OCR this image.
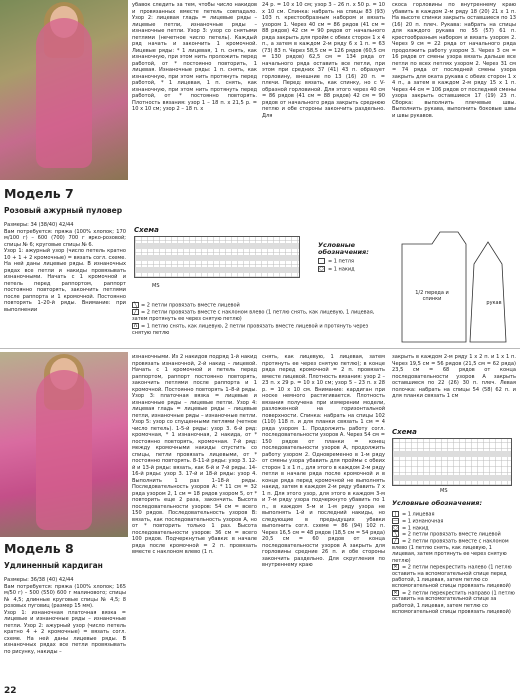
Модель 7
Розовый ажурный пуловер

Размеры: 34 (38/40) 42/44

Вам потребуется: пряжа (100% хлопок; 170 м/100 г) – 600 (700) 700 г ярко-розовой; спицы № 6; круговые спицы № 6.

Узор 1: ажурный узор (число петель кратно 10 + 1 + 2 кромочные) = вязать согл. схеме. На ней даны лицевые ряды. В изнаночных рядах все петли и накиды провязывать изнаночными. Начать с 1 кромочной и петель перед раппортом, раппорт постоянно повторять, закончить петлями после раппорта и 1 кромочной. Постоянно повторять 1–20-й ряды. Внимание: при выполнении

убавок следить за тем, чтобы число накидов и провязанных вместе петель совпадало. Узор 2: лицевая гладь = лицевые ряды – лицевые петли, изнаночные ряды – изнаночные петли. Узор 3: узор со снятыми петлями (нечетное число петель). Каждый ряд начать и закончить 1 кромочной. Лицевые ряды: * 1 лицевая, 1 п. снять, как изнаночную, при этом нить проложить перед работой, от * постоянно повторить, 1 лицевая. Изнаночные ряды: 1 п. снять, как изнаночную, при этом нить протянуть перед работой, * 1 лицевая, 1 п. снять, как изнаночную, при этом нить протянуть перед работой, от * постоянно повторять. Плотность вязания: узор 1 – 18 п. х 21,5 р. = 10 х 10 см; узор 2 – 18 п. х
24 р. = 10 х 10 см; узор 3 – 26 п. х 50 р. = 10 х 10 см. Спинка: набрать на спицы 83 (93) 103 п. крестообразным набором и вязать узором 1. Через 40 см = 86 рядов (41 см = 88 рядов) 42 см = 90 рядов от начального ряда закрыть для пройм с обеих сторон 1 х 4 п., а затем в каждом 2-м ряду 6 х 1 п. = 63 (73) 83 п. Через 58,5 см = 126 рядов (60,5 см = 130 рядов) 62,5 см = 134 ряда от начального ряда оставить все петли, при этом при средних 37 (41) 43 п. образует горловину, внешние по 13 (16) 20 п. = плечи. Перед: вязать, как спинку, но с V-образной горловиной. Для этого через 40 см = 86 рядов (41 см = 88 рядов) 42 см = 90 рядов от начального ряда закрыть среднюю петлю и обе стороны закончить раздельно. Для
скоса горловины по внутреннему краю убавить в каждом 2-м ряду 18 (20) 21 х 1 п. На высоте спинки закрыть оставшиеся по 13 (16) 20 п. плеч. Рукава: набрать на спицы для каждого рукава по 55 (57) 61 п. крестообразным набором и вязать узором 2. Через 9 см = 22 ряда от начального ряда продолжить работу узором 3. Через 3 см = 16 рядов от смены узора вязать дальше все петли по всех петлях узором 2. Через 31 см = 74 ряда от последней смены узора закрыть для оката рукава с обеих сторон 1 х 4 п., а затем в каждом 2-м ряду 15 х 1 п. Через 44 см = 106 рядов от последней смены узора закрыть оставшиеся 17 (19) 23 п. Сборка: выполнить плечевые швы. Выполнить рукава, выполнить боковые швы и швы рукавов.
Схема
MS
Условные обозначения:
= 1 петля
○ = 1 накид
╲ = 2 петли провязать вместе лицевой
╱ = 2 петли провязать вместе с наклоном влево (1 петлю снять, как лицевую, 1 лицевая, затем протянуть ее через снятую петлю)
Λ = 1 петлю снять, как лицевую, 2 петли провязать вместе лицевой и протянуть через снятую петлю
1/2 переда и спинки
рукав
Модель 8
Удлиненный кардиган

Размеры: 36/38 (40) 42/44

Вам потребуется: пряжа (100% хлопок; 165 м/50 г) – 500 (550) 600 г малинового; спицы № 4,5; длинные круговые спицы № 4,5; 8 розовых пуговиц (размер 15 мм).

Узор 1: изнаночная платочная вязка = лицевые и изнаночные ряды – изнаночные петли. Узор 2: ажурный узор (число петель кратно 4 + 2 кромочные) = вязать согл. схеме. На ней даны лицевые ряды. В изнаночных рядах все петли провязывать по рисунку, накиды –

изнаночными. Из 2 накидов подряд 1-й накид провязать изнаночной, 2-й накид – лицевой. Начать с 1 кромочной и петель перед раппортом, раппорт постоянно повторять, закончить петлями после раппорта и 1 кромочной. Постоянно повторять 1–8-й ряды. Узор 3: платочная вязка = лицевые и изнаночные ряды – лицевые петли. Узор 4: лицевая гладь = лицевые ряды – лицевые петли, изнаночные ряды – изнаночные петли. Узор 5: узор со спущенными петлями (четное число петель). 1-5-й ряды: узор 3. 6-й ряд: кромочная, * 1 изнаночная, 2 накида, от * постоянно повторять, кромочная. 7-й ряд: между кромочными накиды спустить со спицы, петли провязать лицевыми, от * постоянно повторять. 8-11-й ряды: узор 3. 12-й и 13-й ряды: вязать, как 6-й и 7-й ряды. 14-16-й ряды: узор 3. 17-й и 18-й ряды: узор 4. Выполнить 1 раз 1–18-й ряды. Последовательность узоров А: * 11 см = 32 ряда узором 2, 1 см = 18 рядов узором 5, от * повторить еще 2 раза, закончить. Высота последовательности узоров: 54 см = всего 150 рядов. Последовательность узоров В: вязать, как последовательность узоров А, но от * повторить только 1 раз. Высота последовательности узоров: 36 см = всего 100 рядов. Подчеркнутые убавки: в начале ряда после кромочной = 2 п. провязать вместе с наклоном влево (1 п.
снять, как лицевую, 1 лицевая, затем протянуть ее через снятую петлю); в конце ряда перед кромочной = 2 п. провязать вместе лицевой. Плотность вязания: узор 2 – 23 п. х 29 р. = 10 х 10 см; узор 5 – 23 п. х 28 р. = 10 х 10 см. Внимание: кардиган при носке немного растягивается. Плотность вязания получена при измерении модели, разложенной на горизонтальной поверхности. Спинка: набрать на спицы 102 (110) 118 п. и для планки связать 1 см = 4 ряда узором 1. Продолжить работу согл. последовательности узоров А. Через 54 см = 150 рядов от планки = конец последовательности узоров А, продолжить работу узором 2. Одновременно в 1-м ряду от смены узора убавить для проймы с обеих сторон 1 х 1 п., для этого в каждом 2-м ряду петли в начале ряда после кромочной и в конце ряда перед кромочной не выполнять накид, затем в каждом 2-м ряду убавить 7 х 1 п. Для этого узор, для этого в каждом 3-м и 7-м ряду узора подчеркнуто убавить по 1 п., в каждом 5-м и 1-м ряду узора не выполнять 1-й и последний накиды, но следующие в предыдущих убавки выполнить согл. схеме = 86 (94) 102 п. Через 16,5 см = 48 рядов (18,5 см = 54 ряда) 20,5 см = 60 рядов от конца последовательности узоров А закрыть для горловины средние 26 п. и обе стороны закончить раздельно. Для скругления по внутреннему краю
закрыть в каждом 2-м ряду 1 х 2 п. и 1 х 1 п. Через 19,5 см = 56 рядов (21,5 см = 62 ряда) 23,5 см = 68 рядов от конца последовательности узоров А закрыть оставшиеся по 22 (26) 30 п. плеч. Левая полочка: набрать на спицы 54 (58) 62 п. и для планки связать 1 см
Схема
MS
Условные обозначения:
| = 1 лицевая
— = 1 изнаночная
○ = 1 накид
╲ = 2 петли провязать вместе лицевой
╱ = 2 петли провязать вместе с наклоном влево (1 петлю снять, как лицевую, 1 лицевая, затем протянуть ее через снятую петлю)
✕ = 2 петли перекрестить налево (1 петлю оставить на вспомогательной спице перед работой, 1 лицевая, затем петлю со вспомогательной спицы провязать лицевой)
✕ = 2 петли перекрестить направо (1 петлю оставить на вспомогательной спице за работой, 1 лицевая, затем петлю со вспомогательной спицы провязать лицевой)
22
